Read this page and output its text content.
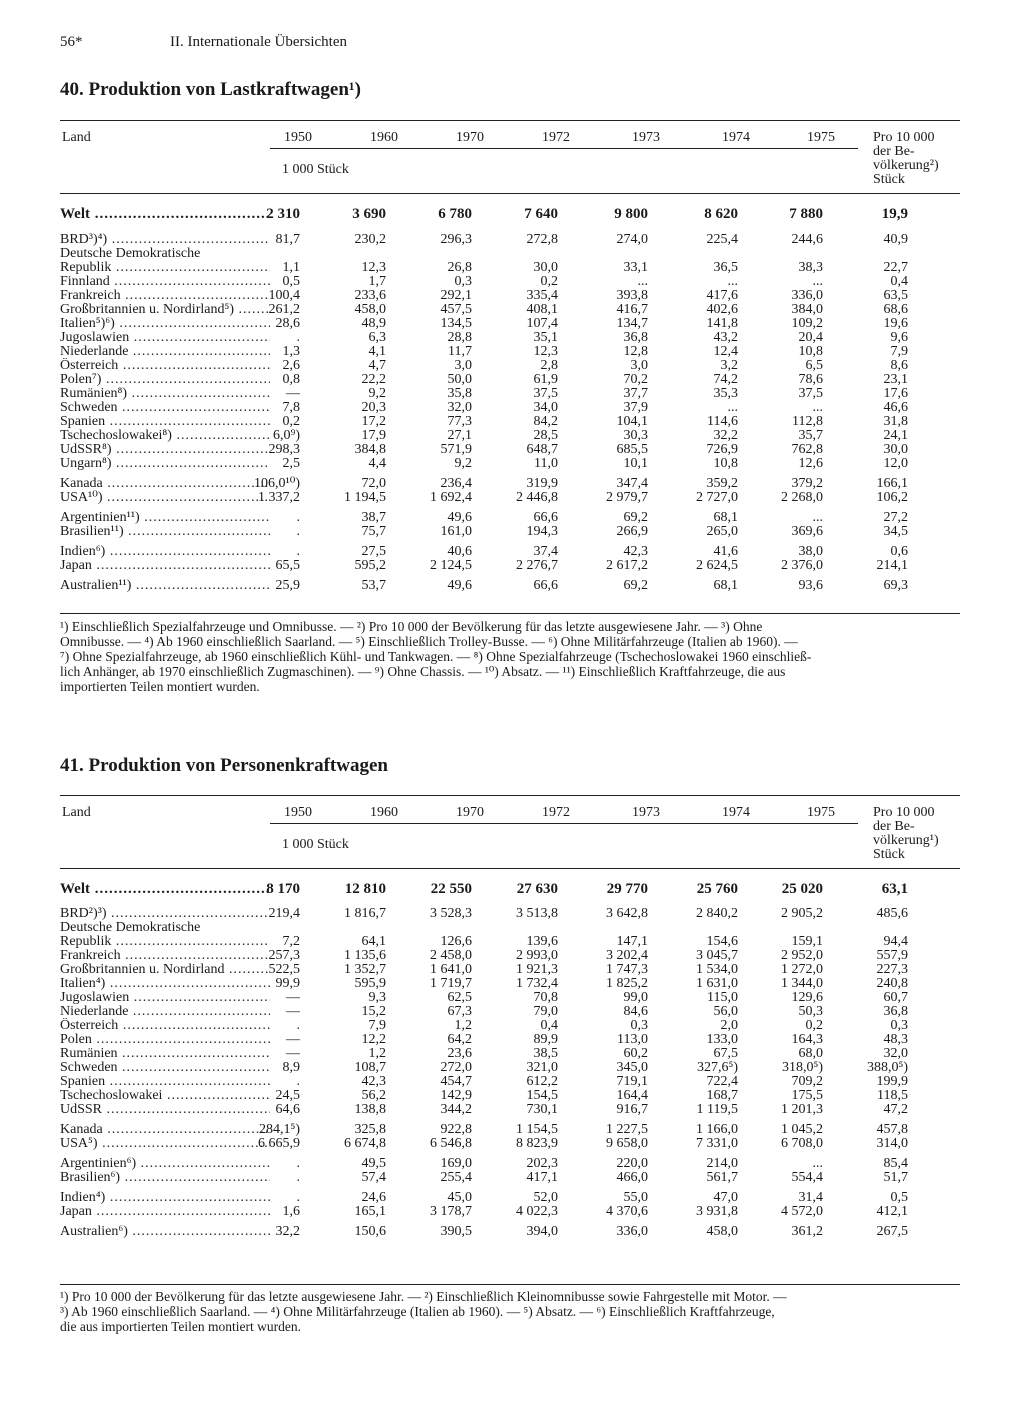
56*	II. Internationale Übersichten
40. Produktion von Lastkraftwagen¹)
Land	1950	1960	1970	1972	1973	1974	1975
1 000 Stück
Pro 10 000
der Be-
völkerung²)
Stück
Welt .....	2 310	3 690	6 780	7 640	9 800	8 620	7 880	19,9
BRD³)⁴) .....	81,7	230,2	296,3	272,8	274,0	225,4	244,6	40,9
Deutsche Demokratische
Republik .....	1,1	12,3	26,8	30,0	33,1	36,5	38,3	22,7
Finnland .....	0,5	1,7	0,3	0,2	...	...	...	0,4
Frankreich .....	100,4	233,6	292,1	335,4	393,8	417,6	336,0	63,5
Großbritannien u. Nordirland⁵) .....	261,2	458,0	457,5	408,1	416,7	402,6	384,0	68,6
Italien⁵)⁶) .....	28,6	48,9	134,5	107,4	134,7	141,8	109,2	19,6
Jugoslawien .....	.	6,3	28,8	35,1	36,8	43,2	20,4	9,6
Niederlande .....	1,3	4,1	11,7	12,3	12,8	12,4	10,8	7,9
Österreich .....	2,6	4,7	3,0	2,8	3,0	3,2	6,5	8,6
Polen⁷) .....	0,8	22,2	50,0	61,9	70,2	74,2	78,6	23,1
Rumänien⁸) .....	—	9,2	35,8	37,5	37,7	35,3	37,5	17,6
Schweden .....	7,8	20,3	32,0	34,0	37,9	...	...	46,6
Spanien .....	0,2	17,2	77,3	84,2	104,1	114,6	112,8	31,8
Tschechoslowakei⁸) .....	6,0⁹)	17,9	27,1	28,5	30,3	32,2	35,7	24,1
UdSSR⁸) .....	298,3	384,8	571,9	648,7	685,5	726,9	762,8	30,0
Ungarn⁸) .....	2,5	4,4	9,2	11,0	10,1	10,8	12,6	12,0
Kanada .....	106,0¹⁰)	72,0	236,4	319,9	347,4	359,2	379,2	166,1
USA¹⁰) .....	1 337,2	1 194,5	1 692,4	2 446,8	2 979,7	2 727,0	2 268,0	106,2
Argentinien¹¹) .....	.	38,7	49,6	66,6	69,2	68,1	...	27,2
Brasilien¹¹) .....	.	75,7	161,0	194,3	266,9	265,0	369,6	34,5
Indien⁶) .....	.	27,5	40,6	37,4	42,3	41,6	38,0	0,6
Japan .....	65,5	595,2	2 124,5	2 276,7	2 617,2	2 624,5	2 376,0	214,1
Australien¹¹) .....	25,9	53,7	49,6	66,6	69,2	68,1	93,6	69,3
¹) Einschließlich Spezialfahrzeuge und Omnibusse. — ²) Pro 10 000 der Bevölkerung für das letzte ausgewiesene Jahr. — ³) Ohne
Omnibusse. — ⁴) Ab 1960 einschließlich Saarland. — ⁵) Einschließlich Trolley-Busse. — ⁶) Ohne Militärfahrzeuge (Italien ab 1960). —
⁷) Ohne Spezialfahrzeuge, ab 1960 einschließlich Kühl- und Tankwagen. — ⁸) Ohne Spezialfahrzeuge (Tschechoslowakei 1960 einschließ-
lich Anhänger, ab 1970 einschließlich Zugmaschinen). — ⁹) Ohne Chassis. — ¹⁰) Absatz. — ¹¹) Einschließlich Kraftfahrzeuge, die aus
importierten Teilen montiert wurden.
41. Produktion von Personenkraftwagen
Land	1950	1960	1970	1972	1973	1974	1975
1 000 Stück
Pro 10 000
der Be-
völkerung¹)
Stück
Welt .....	8 170	12 810	22 550	27 630	29 770	25 760	25 020	63,1
BRD²)³) .....	219,4	1 816,7	3 528,3	3 513,8	3 642,8	2 840,2	2 905,2	485,6
Deutsche Demokratische
Republik .....	7,2	64,1	126,6	139,6	147,1	154,6	159,1	94,4
Frankreich .....	257,3	1 135,6	2 458,0	2 993,0	3 202,4	3 045,7	2 952,0	557,9
Großbritannien u. Nordirland .....	522,5	1 352,7	1 641,0	1 921,3	1 747,3	1 534,0	1 272,0	227,3
Italien⁴) .....	99,9	595,9	1 719,7	1 732,4	1 825,2	1 631,0	1 344,0	240,8
Jugoslawien .....	—	9,3	62,5	70,8	99,0	115,0	129,6	60,7
Niederlande .....	—	15,2	67,3	79,0	84,6	56,0	50,3	36,8
Österreich .....	.	7,9	1,2	0,4	0,3	2,0	0,2	0,3
Polen .....	—	12,2	64,2	89,9	113,0	133,0	164,3	48,3
Rumänien .....	—	1,2	23,6	38,5	60,2	67,5	68,0	32,0
Schweden .....	8,9	108,7	272,0	321,0	345,0	327,6⁵)	318,0⁵)	388,0⁵)
Spanien .....	.	42,3	454,7	612,2	719,1	722,4	709,2	199,9
Tschechoslowakei .....	24,5	56,2	142,9	154,5	164,4	168,7	175,5	118,5
UdSSR .....	64,6	138,8	344,2	730,1	916,7	1 119,5	1 201,3	47,2
Kanada .....	284,1⁵)	325,8	922,8	1 154,5	1 227,5	1 166,0	1 045,2	457,8
USA⁵) .....	6 665,9	6 674,8	6 546,8	8 823,9	9 658,0	7 331,0	6 708,0	314,0
Argentinien⁶) .....	.	49,5	169,0	202,3	220,0	214,0	...	85,4
Brasilien⁶) .....	.	57,4	255,4	417,1	466,0	561,7	554,4	51,7
Indien⁴) .....	.	24,6	45,0	52,0	55,0	47,0	31,4	0,5
Japan .....	1,6	165,1	3 178,7	4 022,3	4 370,6	3 931,8	4 572,0	412,1
Australien⁶) .....	32,2	150,6	390,5	394,0	336,0	458,0	361,2	267,5
¹) Pro 10 000 der Bevölkerung für das letzte ausgewiesene Jahr. — ²) Einschließlich Kleinomnibusse sowie Fahrgestelle mit Motor. —
³) Ab 1960 einschließlich Saarland. — ⁴) Ohne Militärfahrzeuge (Italien ab 1960). — ⁵) Absatz. — ⁶) Einschließlich Kraftfahrzeuge,
die aus importierten Teilen montiert wurden.
